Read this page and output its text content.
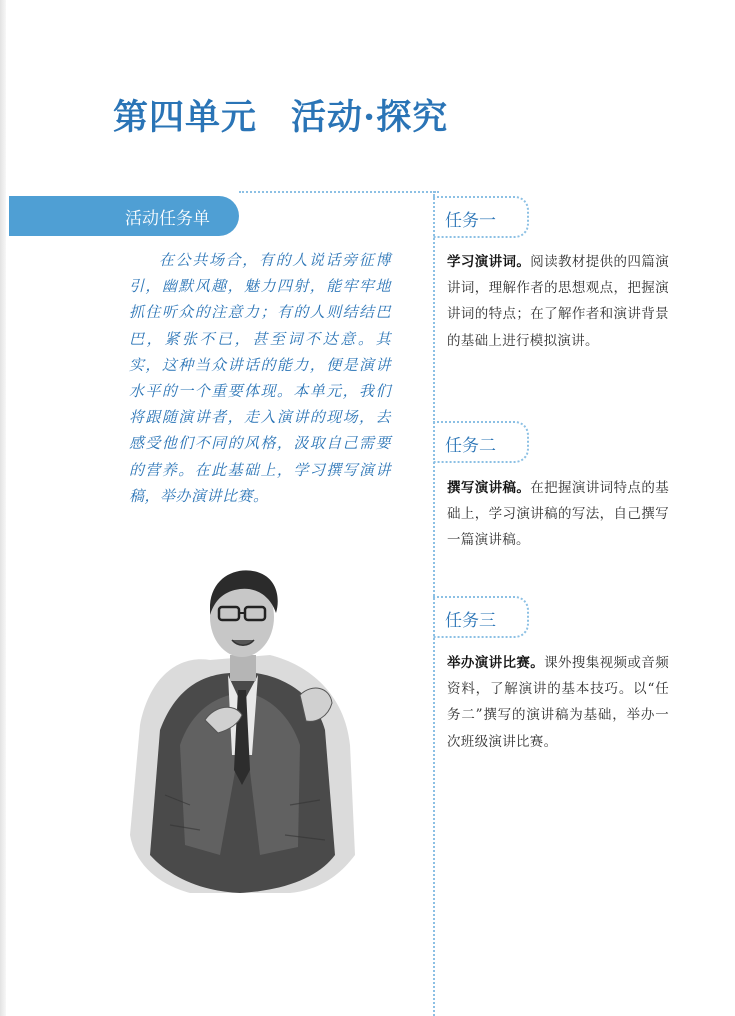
第四单元 活动·探究
活动任务单

在公共场合，有的人说话旁征博引，幽默风趣，魅力四射，能牢牢地抓住听众的注意力；有的人则结结巴巴，紧张不已，甚至词不达意。其实，这种当众讲话的能力，便是演讲水平的一个重要体现。本单元，我们将跟随演讲者，走入演讲的现场，去感受他们不同的风格，汲取自己需要的营养。在此基础上，学习撰写演讲稿，举办演讲比赛。

任务一

学习演讲词。阅读教材提供的四篇演讲词，理解作者的思想观点，把握演讲词的特点；在了解作者和演讲背景的基础上进行模拟演讲。

任务二

撰写演讲稿。在把握演讲词特点的基础上，学习演讲稿的写法，自己撰写一篇演讲稿。

任务三

举办演讲比赛。课外搜集视频或音频资料，了解演讲的基本技巧。以“任务二”撰写的演讲稿为基础，举办一次班级演讲比赛。
